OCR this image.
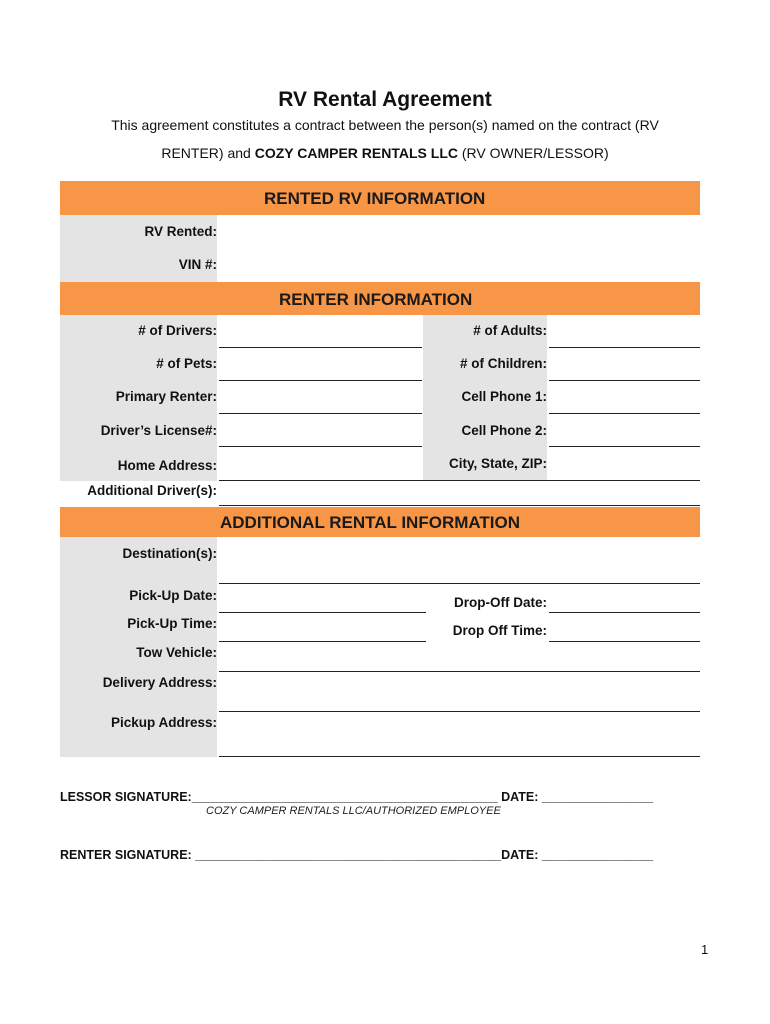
RV Rental Agreement
This agreement constitutes a contract between the person(s) named on the contract (RV
RENTER) and COZY CAMPER RENTALS LLC (RV OWNER/LESSOR)
RENTED RV INFORMATION
RV Rented:
VIN #:
RENTER INFORMATION
# of Drivers:	# of Adults:
# of Pets:	# of Children:
Primary Renter:	Cell Phone 1:
Driver’s License#:	Cell Phone 2:
Home Address:	City, State, ZIP:
Additional Driver(s):
ADDITIONAL RENTAL INFORMATION
Destination(s):
Pick-Up Date:	Drop-Off Date:
Pick-Up Time:	Drop Off Time:
Tow Vehicle:
Delivery Address:
Pickup Address:
LESSOR SIGNATURE:____________________________________________ DATE: ________________
COZY CAMPER RENTALS LLC/AUTHORIZED EMPLOYEE
RENTER SIGNATURE: ____________________________________________DATE: ________________
1
